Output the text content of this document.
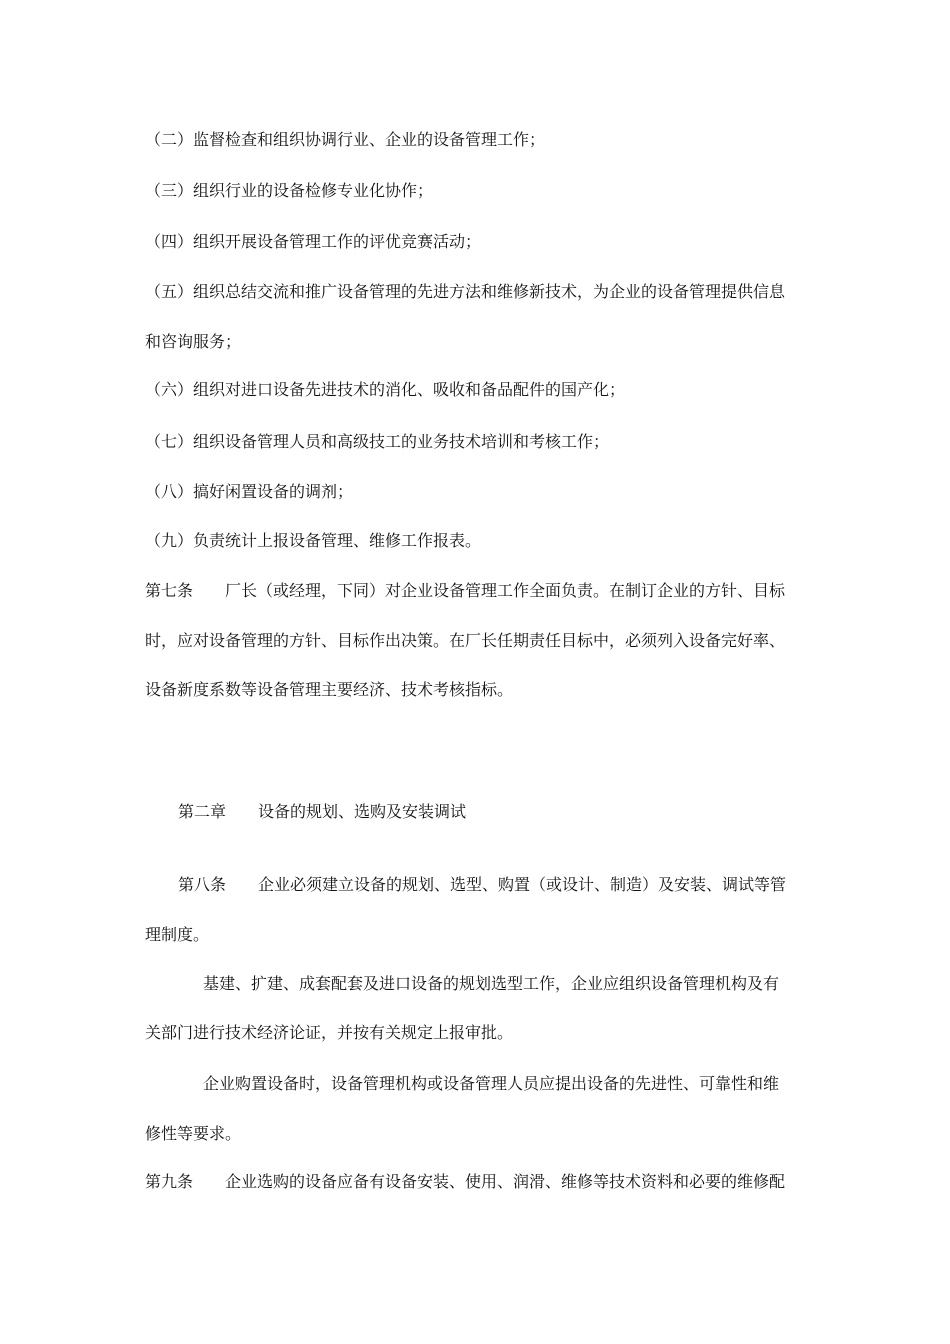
（二）监督检查和组织协调行业、企业的设备管理工作；
（三）组织行业的设备检修专业化协作；
（四）组织开展设备管理工作的评优竞赛活动；
（五）组织总结交流和推广设备管理的先进方法和维修新技术，为企业的设备管理提供信息
和咨询服务；
（六）组织对进口设备先进技术的消化、吸收和备品配件的国产化；
（七）组织设备管理人员和高级技工的业务技术培训和考核工作；
（八）搞好闲置设备的调剂；
（九）负责统计上报设备管理、维修工作报表。
第七条 厂长（或经理，下同）对企业设备管理工作全面负责。在制订企业的方针、目标
时，应对设备管理的方针、目标作出决策。在厂长任期责任目标中，必须列入设备完好率、
设备新度系数等设备管理主要经济、技术考核指标。
第二章 设备的规划、选购及安装调试
第八条 企业必须建立设备的规划、选型、购置（或设计、制造）及安装、调试等管
理制度。
基建、扩建、成套配套及进口设备的规划选型工作，企业应组织设备管理机构及有
关部门进行技术经济论证，并按有关规定上报审批。
企业购置设备时，设备管理机构或设备管理人员应提出设备的先进性、可靠性和维
修性等要求。
第九条 企业选购的设备应备有设备安装、使用、润滑、维修等技术资料和必要的维修配
